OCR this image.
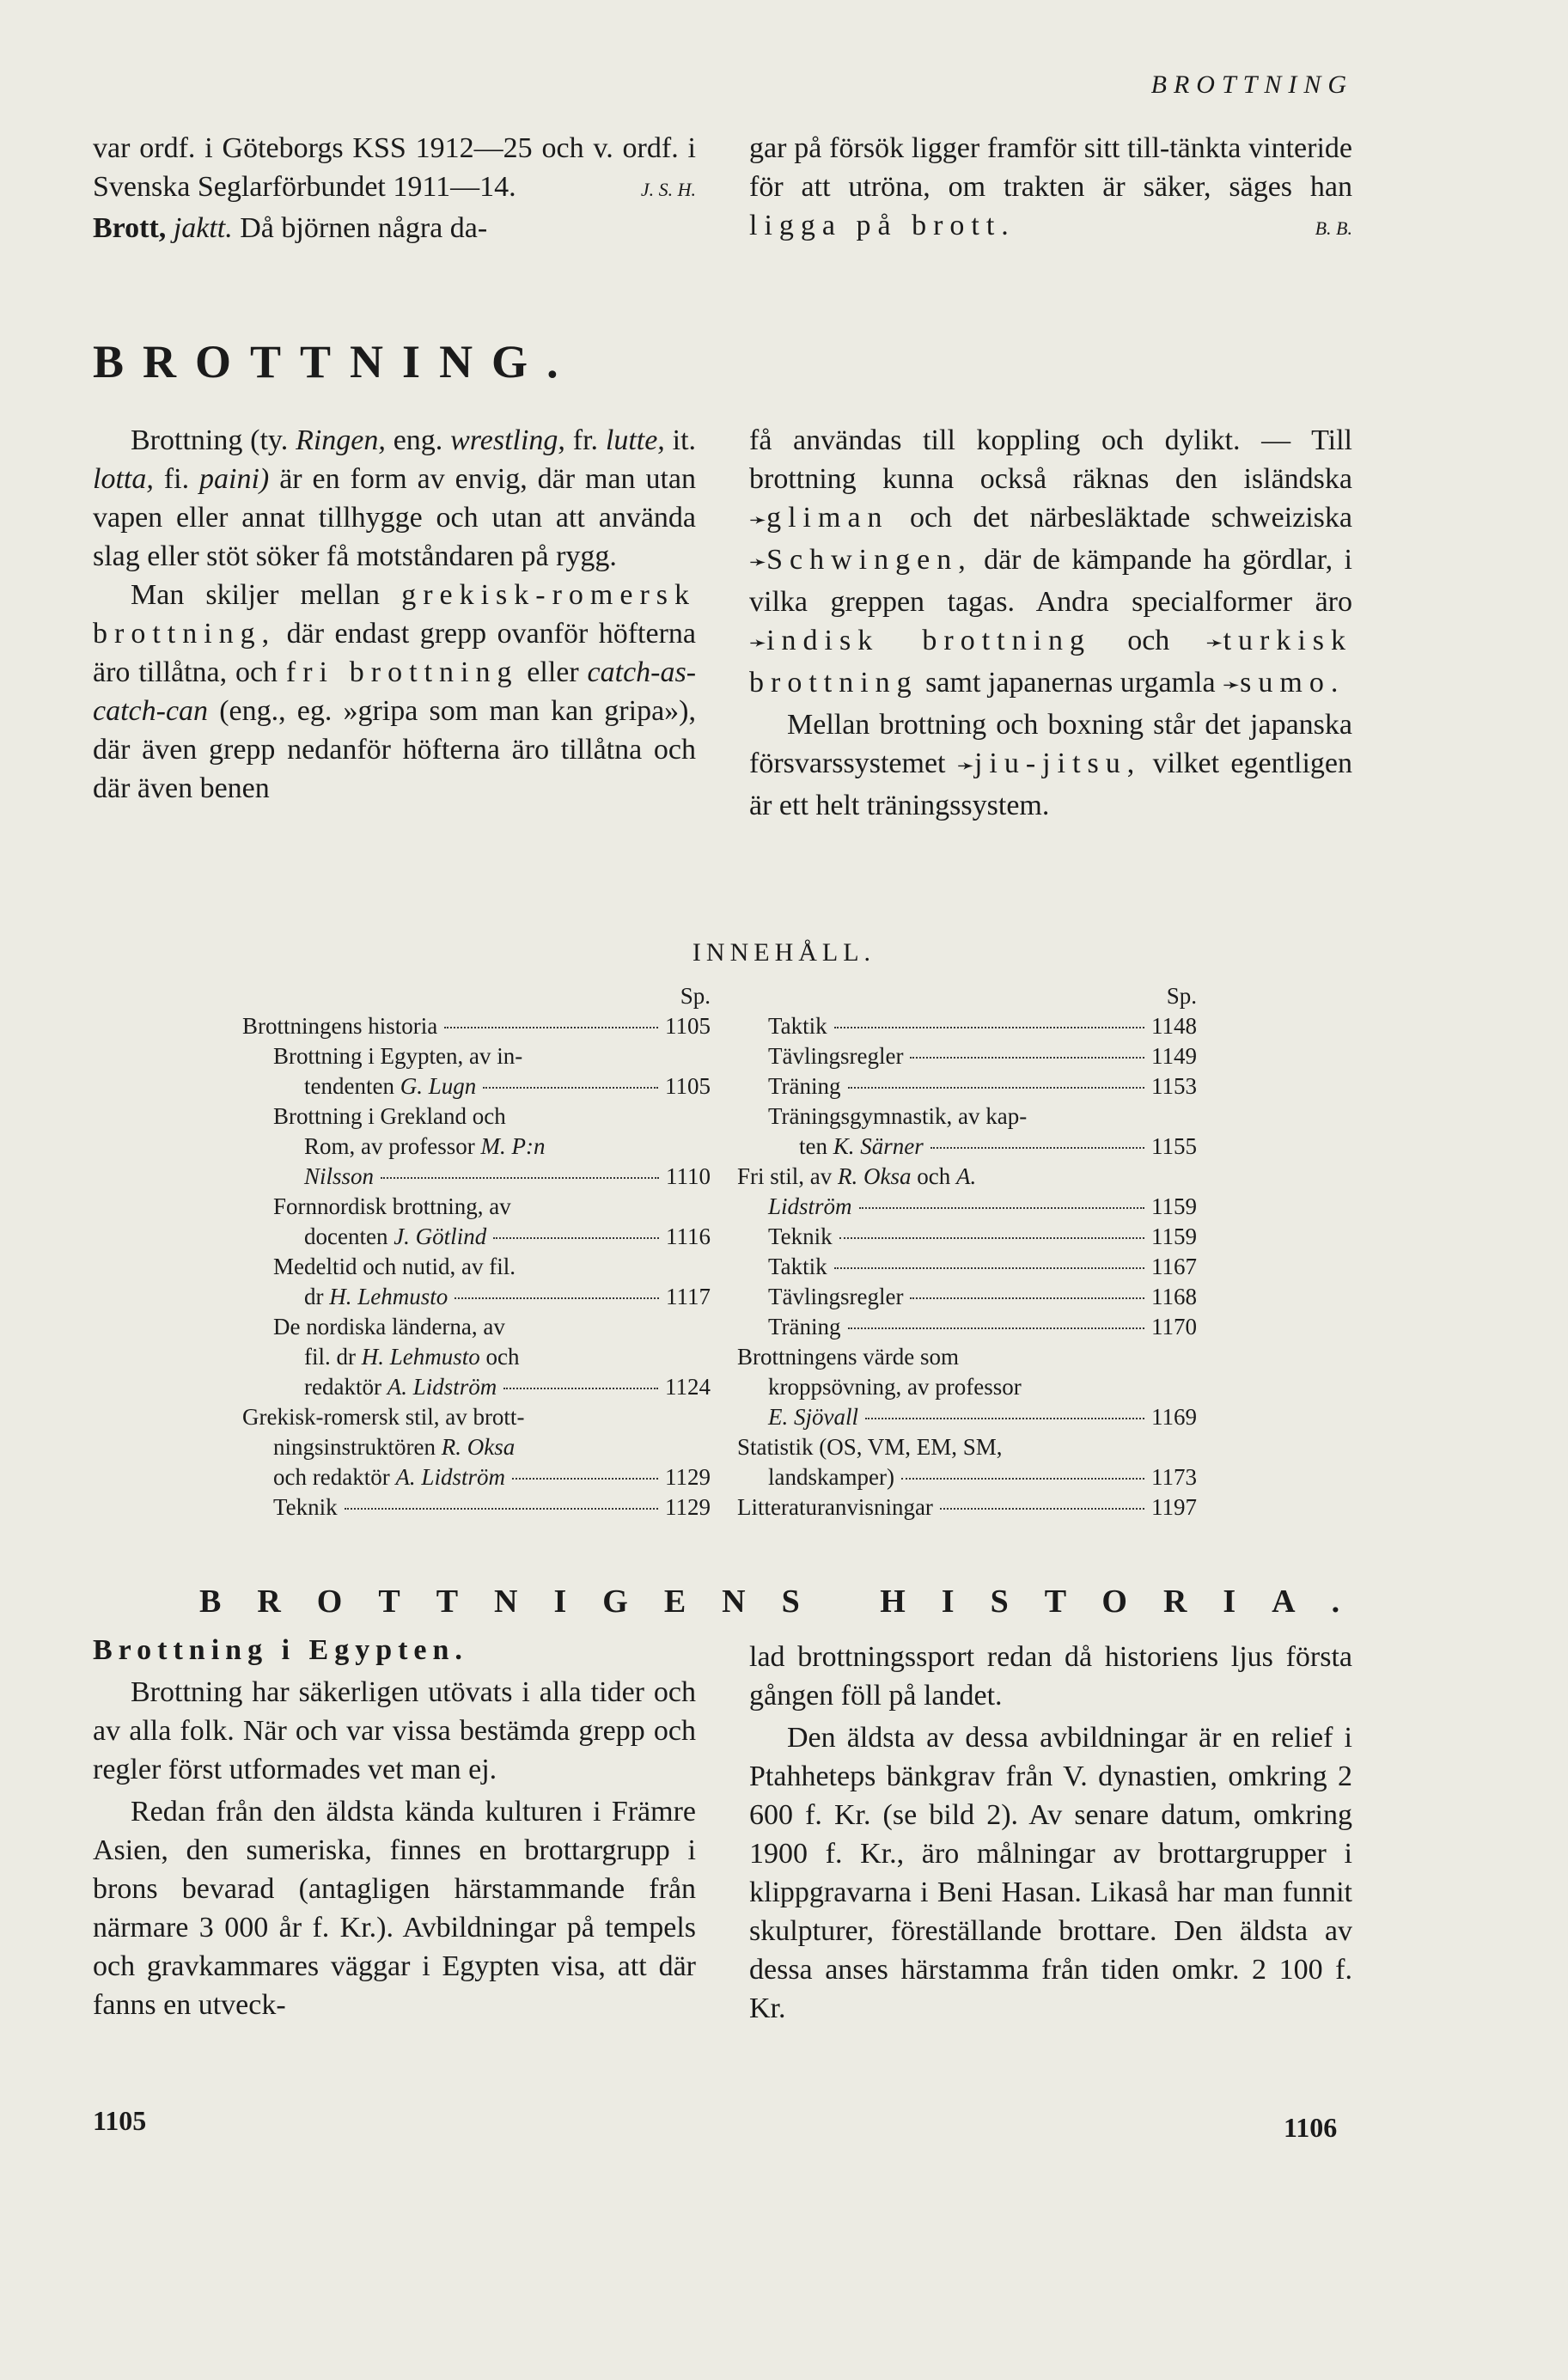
BROTTNING

var ordf. i Göteborgs KSS 1912—25 och v. ordf. i Svenska Seglarförbundet 1911—14.	J. S. H.

Brott, jaktt. Då björnen några da-

gar på försök ligger framför sitt till-tänkta vinteride för att utröna, om trakten är säker, säges han ligga på brott.	B. B.

BROTTNING.

Brottning (ty. Ringen, eng. wrestling, fr. lutte, it. lotta, fi. paini) är en form av envig, där man utan vapen eller annat tillhygge och utan att använda slag eller stöt söker få motståndaren på rygg.

Man skiljer mellan grekisk-romersk brottning, där endast grepp ovanför höfterna äro tillåtna, och fri brottning eller catch-as-catch-can (eng., eg. »gripa som man kan gripa»), där även grepp nedanför höfterna äro tillåtna och där även benen

få användas till koppling och dylikt. — Till brottning kunna också räknas den isländska ➛gliman och det närbesläktade schweiziska ➛Schwingen, där de kämpande ha gördlar, i vilka greppen tagas. Andra specialformer äro ➛indisk brottning och ➛turkisk brottning samt japanernas urgamla ➛sumo.

Mellan brottning och boxning står det japanska försvarssystemet ➛jiu-jitsu, vilket egentligen är ett helt träningssystem.

INNEHÅLL.
Sp.
Brottningens historia	1105
Brottning i Egypten, av in-
tendenten G. Lugn	1105
Brottning i Grekland och
Rom, av professor M. P:n
Nilsson	1110
Fornnordisk brottning, av
docenten J. Götlind	1116
Medeltid och nutid, av fil.
dr H. Lehmusto	1117
De nordiska länderna, av
fil. dr H. Lehmusto och
redaktör A. Lidström	1124
Grekisk-romersk stil, av brott-
ningsinstruktören R. Oksa
och redaktör A. Lidström	1129
Teknik	1129
Sp.
Taktik	1148
Tävlingsregler	1149
Träning	1153
Träningsgymnastik, av kap-
ten K. Särner	1155
Fri stil, av R. Oksa och A.
Lidström	1159
Teknik	1159
Taktik	1167
Tävlingsregler	1168
Träning	1170
Brottningens värde som
kroppsövning, av professor
E. Sjövall	1169
Statistik (OS, VM, EM, SM,
landskamper)	1173
Litteraturanvisningar	1197
BROTTNIGENS HISTORIA.

Brottning i Egypten.

Brottning har säkerligen utövats i alla tider och av alla folk. När och var vissa bestämda grepp och regler först utformades vet man ej.

Redan från den äldsta kända kulturen i Främre Asien, den sumeriska, finnes en brottargrupp i brons bevarad (antagligen härstammande från närmare 3 000 år f. Kr.). Avbildningar på tempels och gravkammares väggar i Egypten visa, att där fanns en utveck-

lad brottningssport redan då historiens ljus första gången föll på landet.

Den äldsta av dessa avbildningar är en relief i Ptahheteps bänkgrav från V. dynastien, omkring 2 600 f. Kr. (se bild 2). Av senare datum, omkring 1900 f. Kr., äro målningar av brottargrupper i klippgravarna i Beni Hasan. Likaså har man funnit skulpturer, föreställande brottare. Den äldsta av dessa anses härstamma från tiden omkr. 2 100 f. Kr.

1105	1106
